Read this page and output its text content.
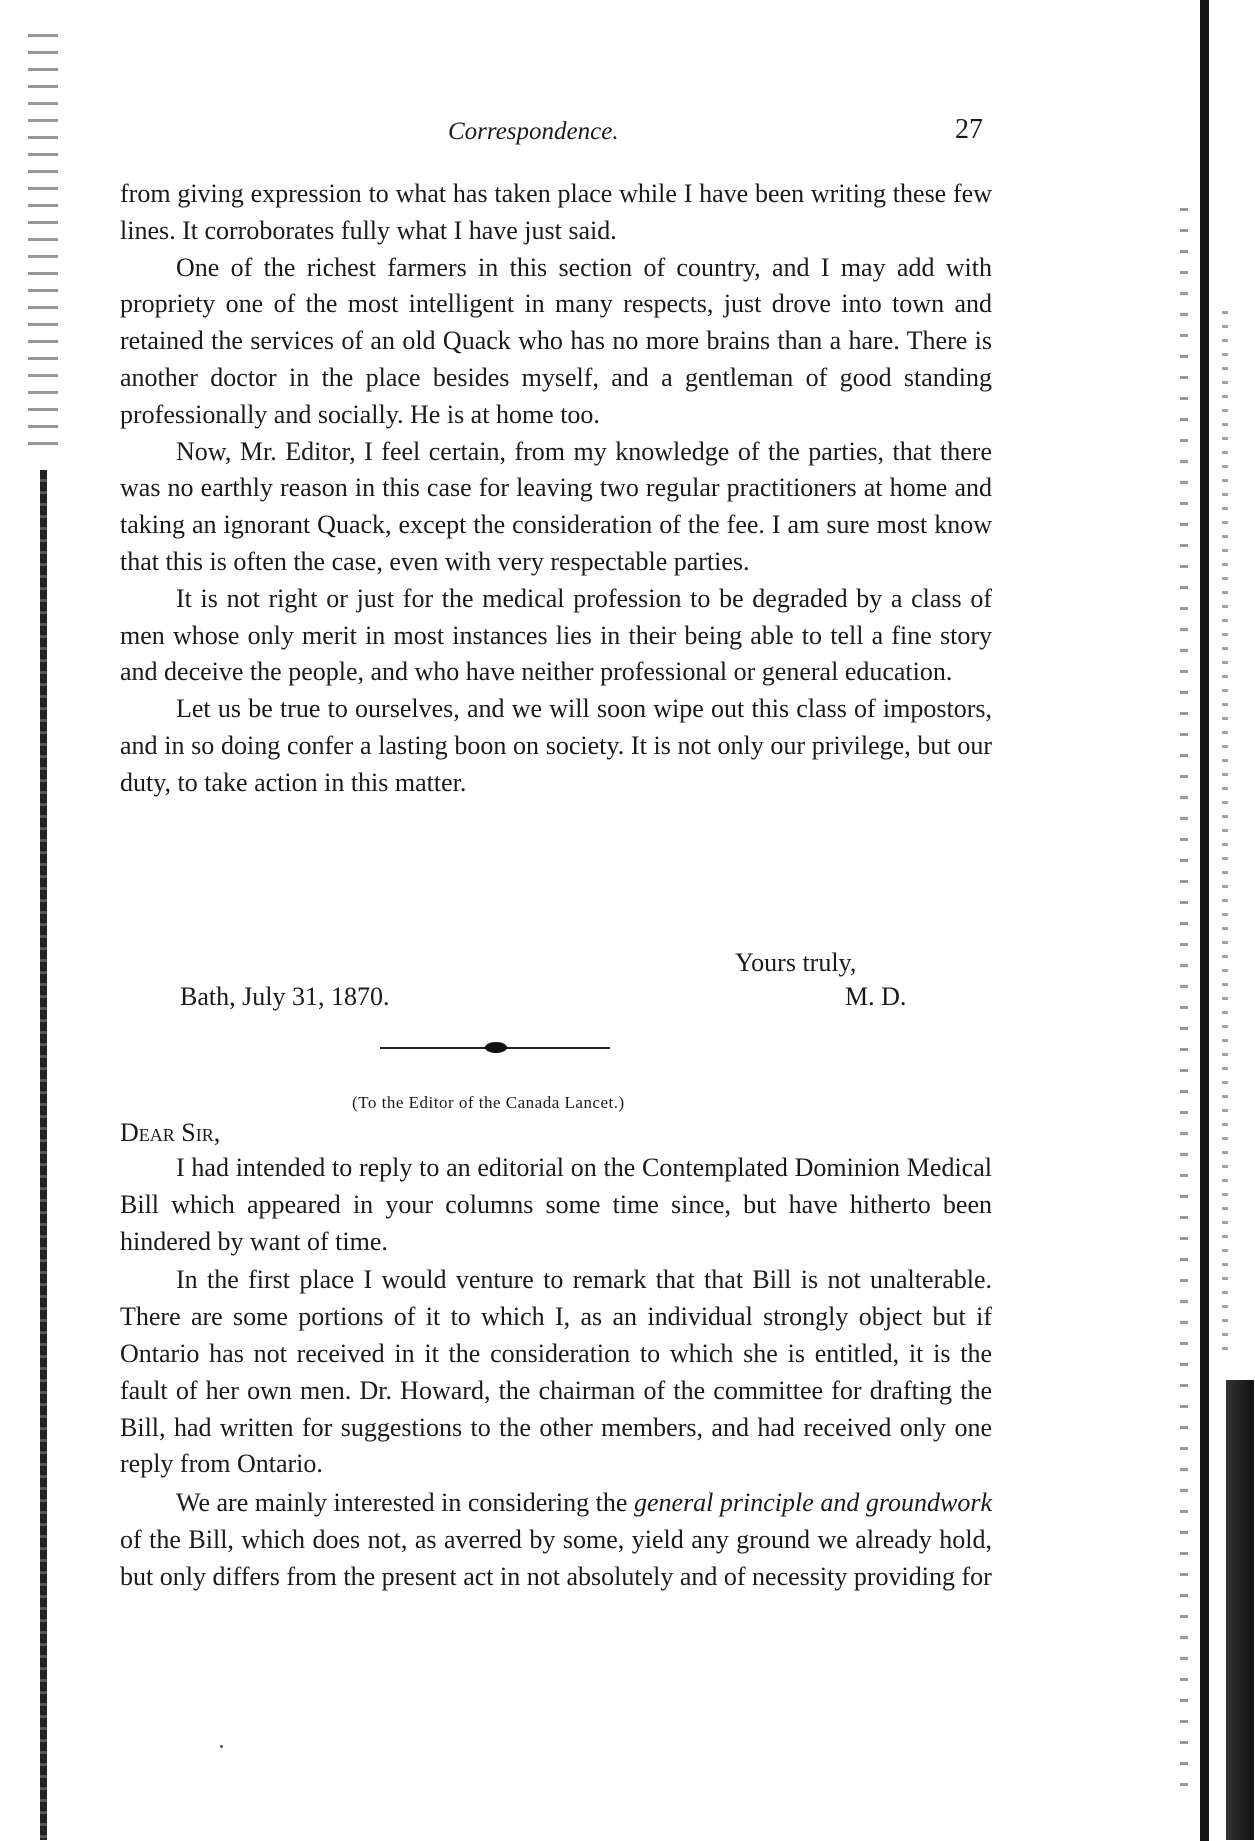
Correspondence.	27

from giving expression to what has taken place while I have been writing these few lines. It corroborates fully what I have just said.

One of the richest farmers in this section of country, and I may add with propriety one of the most intelligent in many respects, just drove into town and retained the services of an old Quack who has no more brains than a hare. There is another doctor in the place besides myself, and a gentleman of good standing professionally and socially. He is at home too.

Now, Mr. Editor, I feel certain, from my knowledge of the parties, that there was no earthly reason in this case for leaving two regular practitioners at home and taking an ignorant Quack, except the consideration of the fee. I am sure most know that this is often the case, even with very respectable parties.

It is not right or just for the medical profession to be degraded by a class of men whose only merit in most instances lies in their being able to tell a fine story and deceive the people, and who have neither professional or general education.

Let us be true to ourselves, and we will soon wipe out this class of impostors, and in so doing confer a lasting boon on society. It is not only our privilege, but our duty, to take action in this matter.

Yours truly,
Bath, July 31, 1870.	M. D.
(To the Editor of the Canada Lancet.)
Dear Sir,

I had intended to reply to an editorial on the Contemplated Dominion Medical Bill which appeared in your columns some time since, but have hitherto been hindered by want of time.

In the first place I would venture to remark that that Bill is not unalterable. There are some portions of it to which I, as an individual strongly object but if Ontario has not received in it the consideration to which she is entitled, it is the fault of her own men. Dr. Howard, the chairman of the committee for drafting the Bill, had written for suggestions to the other members, and had received only one reply from Ontario.

We are mainly interested in considering the general principle and groundwork of the Bill, which does not, as averred by some, yield any ground we already hold, but only differs from the present act in not absolutely and of necessity providing for
